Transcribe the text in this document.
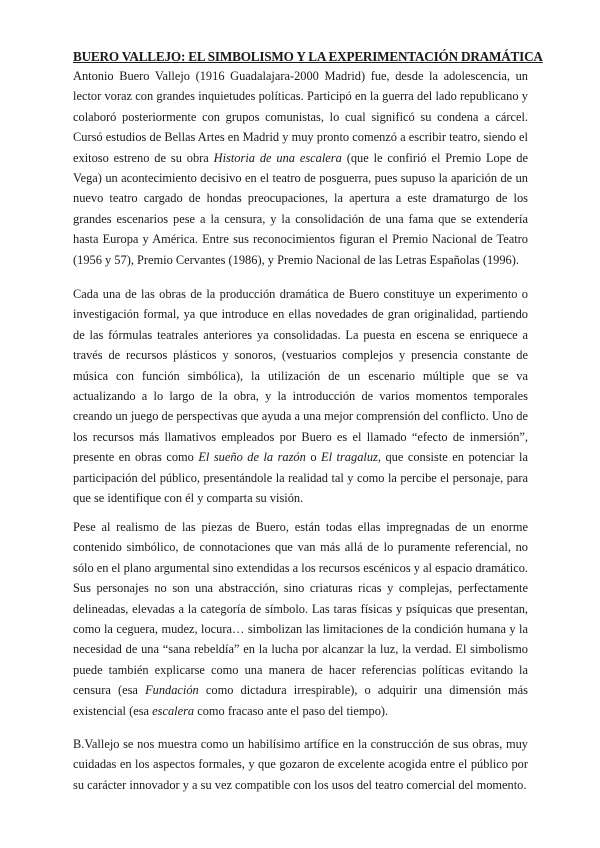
BUERO VALLEJO: EL SIMBOLISMO Y LA EXPERIMENTACIÓN DRAMÁTICA

Antonio Buero Vallejo (1916 Guadalajara-2000 Madrid) fue, desde la adolescencia, un lector voraz con grandes inquietudes políticas. Participó en la guerra del lado republicano y colaboró posteriormente con grupos comunistas, lo cual significó su condena a cárcel. Cursó estudios de Bellas Artes en Madrid y muy pronto comenzó a escribir teatro, siendo el exitoso estreno de su obra Historia de una escalera (que le confirió el Premio Lope de Vega) un acontecimiento decisivo en el teatro de posguerra, pues supuso la aparición de un nuevo teatro cargado de hondas preocupaciones, la apertura a este dramaturgo de los grandes escenarios pese a la censura, y la consolidación de una fama que se extendería hasta Europa y América. Entre sus reconocimientos figuran el Premio Nacional de Teatro (1956 y 57), Premio Cervantes (1986), y Premio Nacional de las Letras Españolas (1996).

Cada una de las obras de la producción dramática de Buero constituye un experimento o investigación formal, ya que introduce en ellas novedades de gran originalidad, partiendo de las fórmulas teatrales anteriores ya consolidadas. La puesta en escena se enriquece a través de recursos plásticos y sonoros, (vestuarios complejos y presencia constante de música con función simbólica), la utilización de un escenario múltiple que se va actualizando a lo largo de la obra, y la introducción de varios momentos temporales creando un juego de perspectivas que ayuda a una mejor comprensión del conflicto. Uno de los recursos más llamativos empleados por Buero es el llamado “efecto de inmersión”, presente en obras como El sueño de la razón o El tragaluz, que consiste en potenciar la participación del público, presentándole la realidad tal y como la percibe el personaje, para que se identifique con él y comparta su visión.

Pese al realismo de las piezas de Buero, están todas ellas impregnadas de un enorme contenido simbólico, de connotaciones que van más allá de lo puramente referencial, no sólo en el plano argumental sino extendidas a los recursos escénicos y al espacio dramático. Sus personajes no son una abstracción, sino criaturas ricas y complejas, perfectamente delineadas, elevadas a la categoría de símbolo. Las taras físicas y psíquicas que presentan, como la ceguera, mudez, locura… simbolizan las limitaciones de la condición humana y la necesidad de una “sana rebeldía” en la lucha por alcanzar la luz, la verdad. El simbolismo puede también explicarse como una manera de hacer referencias políticas evitando la censura (esa Fundación como dictadura irrespirable), o adquirir una dimensión más existencial (esa escalera como fracaso ante el paso del tiempo).

B.Vallejo se nos muestra como un habilísimo artífice en la construcción de sus obras, muy cuidadas en los aspectos formales, y que gozaron de excelente acogida entre el público por su carácter innovador y a su vez compatible con los usos del teatro comercial del momento.
